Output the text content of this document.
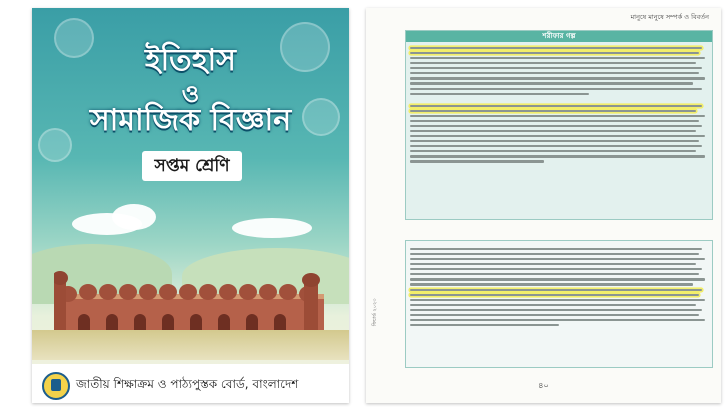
ইতিহাস
ও
সামাজিক বিজ্ঞান
সপ্তম শ্রেণি
জাতীয় শিক্ষাক্রম ও পাঠ্যপুস্তক বোর্ড, বাংলাদেশ
মানুষে মানুষে সম্পর্ক ও বিবর্তন
ফিচার্ড ২০২৩
শরীফার গল্প
৪০
